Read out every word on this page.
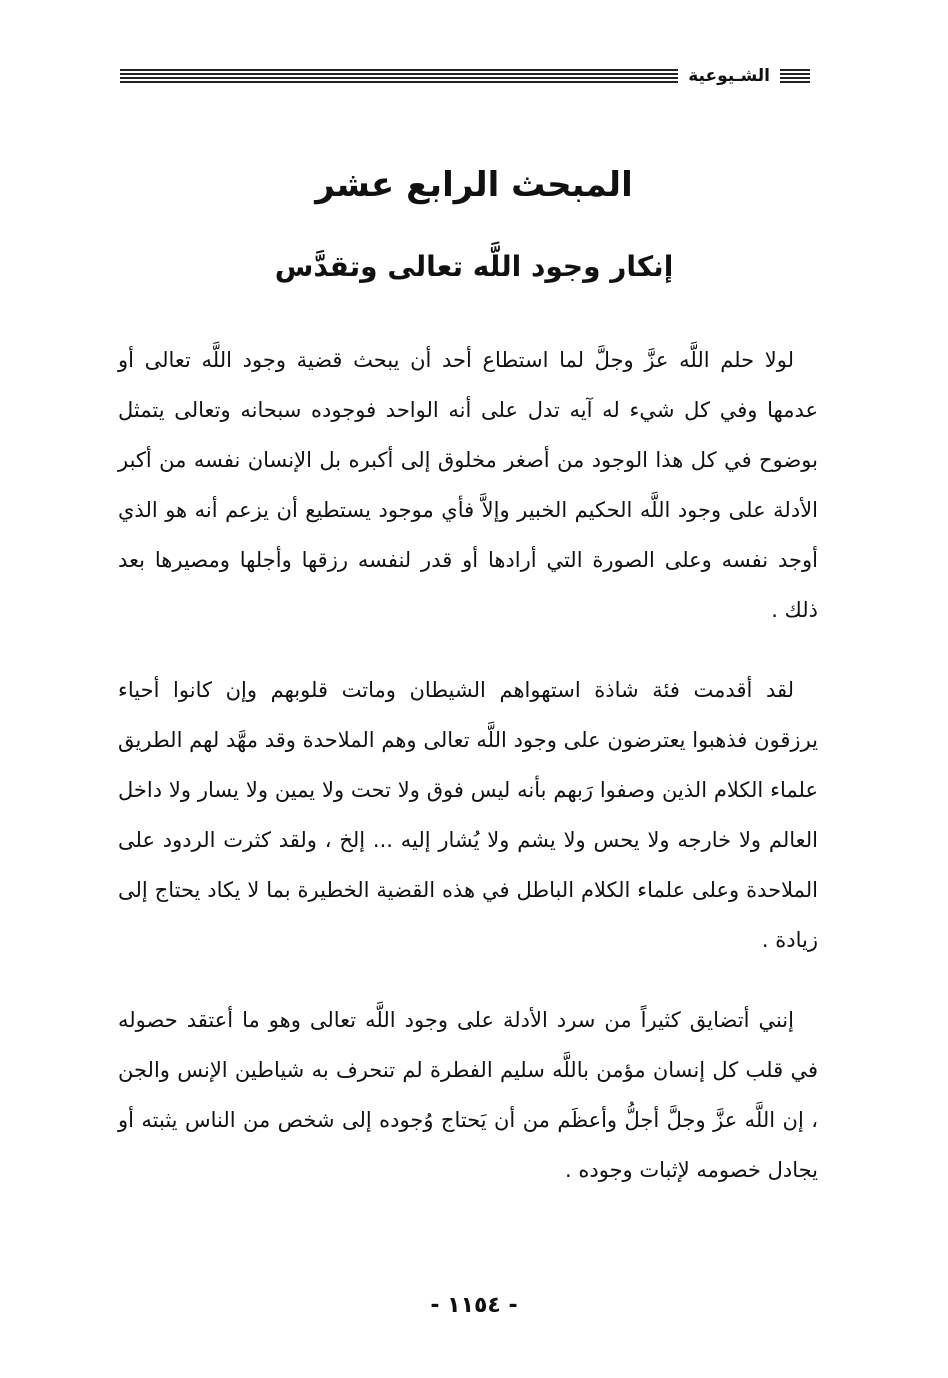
الشـيوعية
المبحث الرابع عشر
إنكار وجود اللَّه تعالى وتقدَّس

لولا حلم اللَّه عزَّ وجلَّ لما استطاع أحد أن يبحث قضية وجود اللَّه تعالى أو عدمها وفي كل شيء له آيه تدل على أنه الواحد فوجوده سبحانه وتعالى يتمثل بوضوح في كل هذا الوجود من أصغر مخلوق إلى أكبره بل الإنسان نفسه من أكبر الأدلة على وجود اللَّه الحكيم الخبير وإلاَّ فأي موجود يستطيع أن يزعم أنه هو الذي أوجد نفسه وعلى الصورة التي أرادها أو قدر لنفسه رزقها وأجلها ومصيرها بعد ذلك .

لقد أقدمت فئة شاذة استهواهم الشيطان وماتت قلوبهم وإن كانوا أحياء يرزقون فذهبوا يعترضون على وجود اللَّه تعالى وهم الملاحدة وقد مهَّد لهم الطريق علماء الكلام الذين وصفوا رَبهم بأنه ليس فوق ولا تحت ولا يمين ولا يسار ولا داخل العالم ولا خارجه ولا يحس ولا يشم ولا يُشار إليه ... إلخ ، ولقد كثرت الردود على الملاحدة وعلى علماء الكلام الباطل في هذه القضية الخطيرة بما لا يكاد يحتاج إلى زيادة .

إنني أتضايق كثيراً من سرد الأدلة على وجود اللَّه تعالى وهو ما أعتقد حصوله في قلب كل إنسان مؤمن باللَّه سليم الفطرة لم تنحرف به شياطين الإنس والجن ، إن اللَّه عزَّ وجلَّ أجلُّ وأعظَم من أن يَحتاج وُجوده إلى شخص من الناس يثبته أو يجادل خصومه لإثبات وجوده .

- ١١٥٤ -
